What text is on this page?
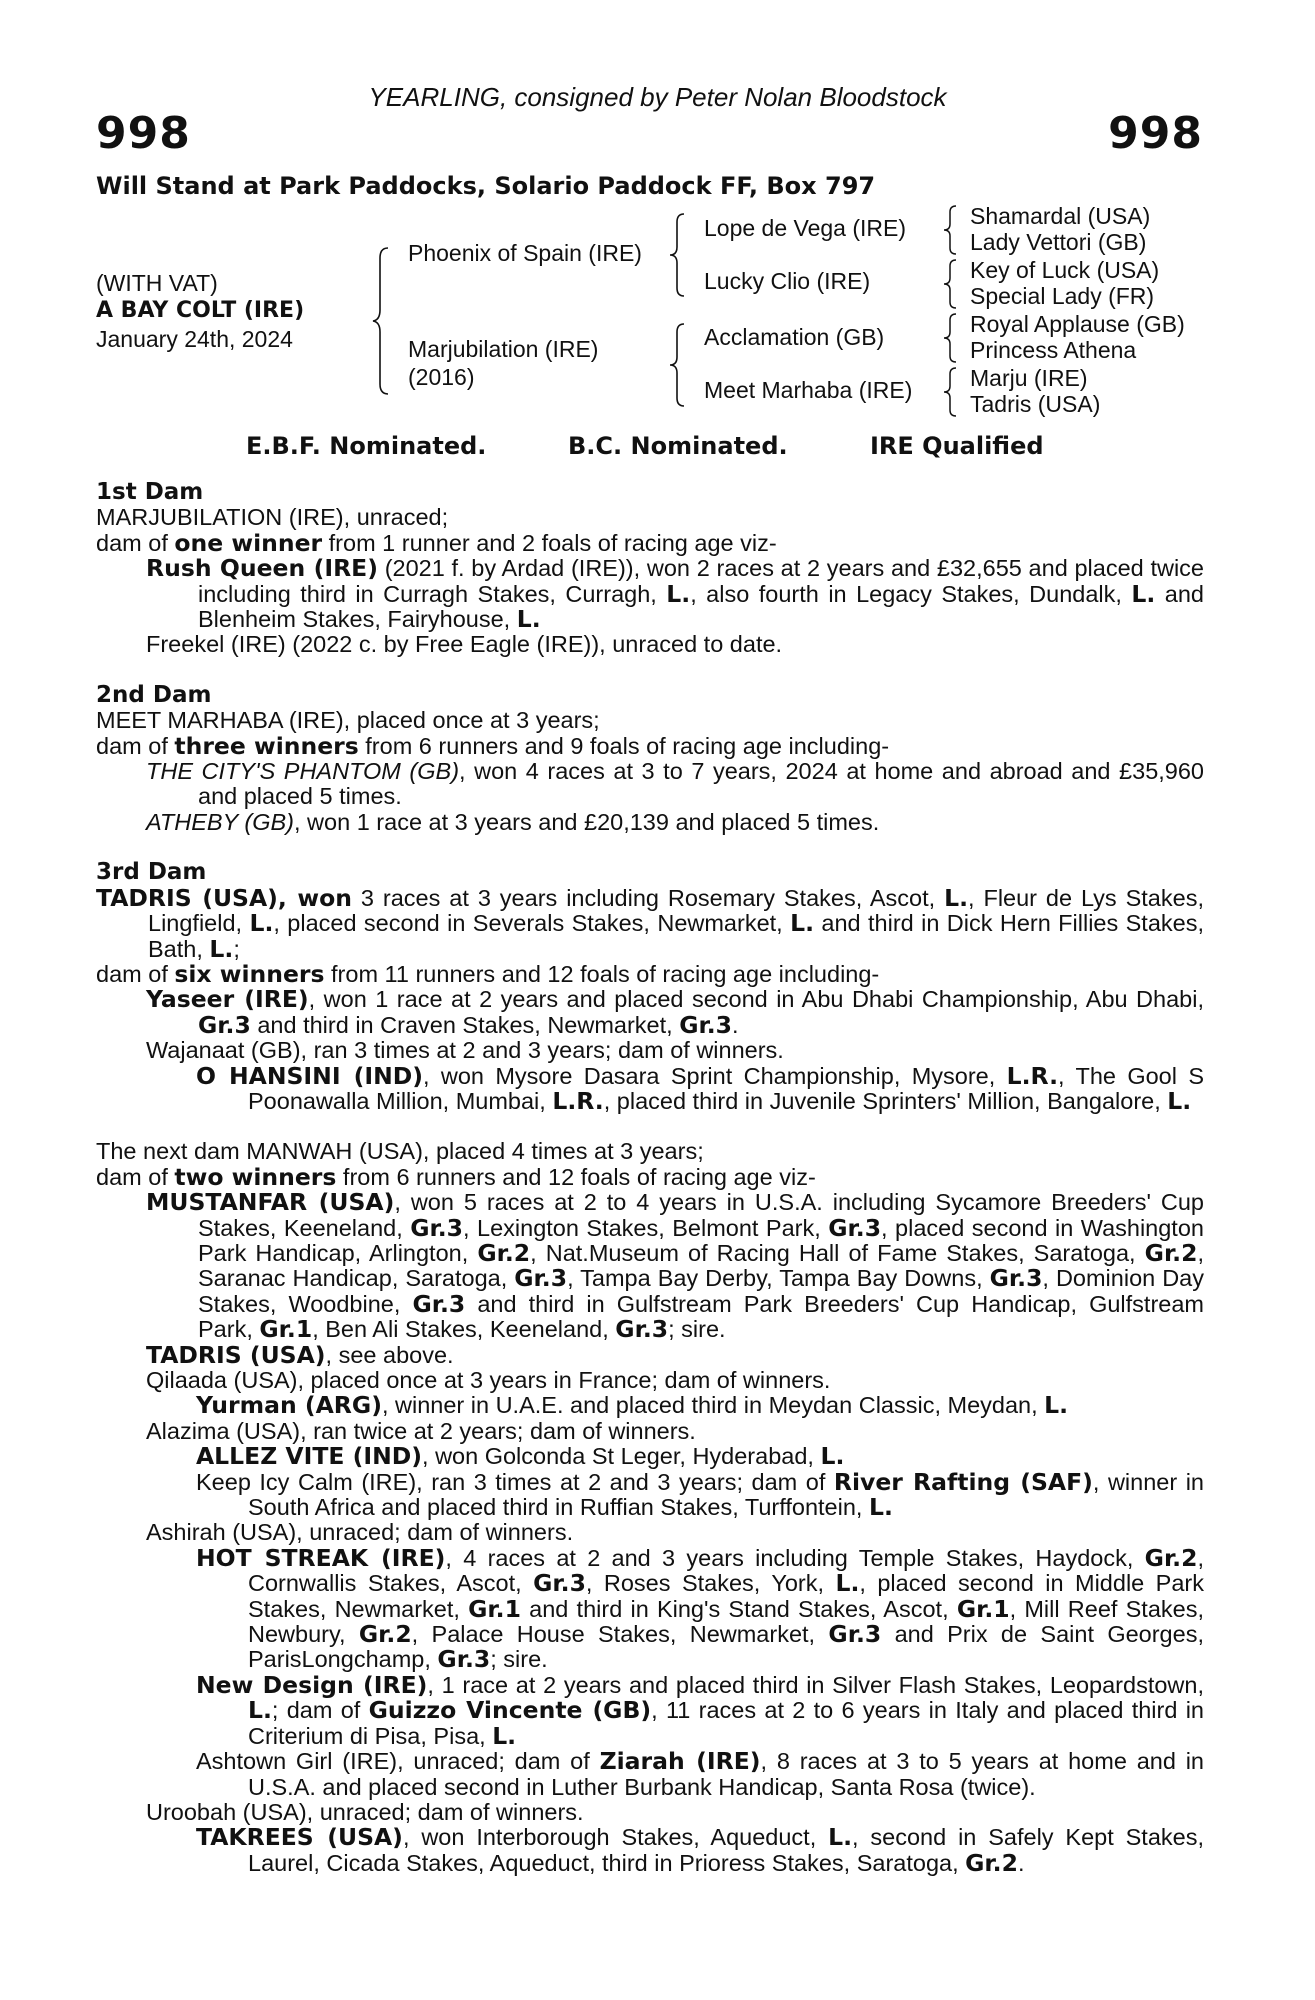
YEARLING, consigned by Peter Nolan Bloodstock
998	998
Will Stand at Park Paddocks, Solario Paddock FF, Box 797
(WITH VAT)
A BAY COLT (IRE)
January 24th, 2024
Phoenix of Spain (IRE)
Marjubilation (IRE)
(2016)
Lope de Vega (IRE)
Lucky Clio (IRE)
Acclamation (GB)
Meet Marhaba (IRE)
Shamardal (USA)
Lady Vettori (GB)
Key of Luck (USA)
Special Lady (FR)
Royal Applause (GB)
Princess Athena
Marju (IRE)
Tadris (USA)
E.B.F. Nominated.	B.C. Nominated.	IRE Qualified

1st Dam

MARJUBILATION (IRE), unraced;

dam of one winner from 1 runner and 2 foals of racing age viz-

Rush Queen (IRE) (2021 f. by Ardad (IRE)), won 2 races at 2 years and £32,655 and placed twice including third in Curragh Stakes, Curragh, L., also fourth in Legacy Stakes, Dundalk, L. and Blenheim Stakes, Fairyhouse, L.

Freekel (IRE) (2022 c. by Free Eagle (IRE)), unraced to date.

2nd Dam

MEET MARHABA (IRE), placed once at 3 years;

dam of three winners from 6 runners and 9 foals of racing age including-

THE CITY'S PHANTOM (GB), won 4 races at 3 to 7 years, 2024 at home and abroad and £35,960 and placed 5 times.

ATHEBY (GB), won 1 race at 3 years and £20,139 and placed 5 times.

3rd Dam

TADRIS (USA), won 3 races at 3 years including Rosemary Stakes, Ascot, L., Fleur de Lys Stakes, Lingfield, L., placed second in Severals Stakes, Newmarket, L. and third in Dick Hern Fillies Stakes, Bath, L.;

dam of six winners from 11 runners and 12 foals of racing age including-

Yaseer (IRE), won 1 race at 2 years and placed second in Abu Dhabi Championship, Abu Dhabi, Gr.3 and third in Craven Stakes, Newmarket, Gr.3.

Wajanaat (GB), ran 3 times at 2 and 3 years; dam of winners.

O HANSINI (IND), won Mysore Dasara Sprint Championship, Mysore, L.R., The Gool S Poonawalla Million, Mumbai, L.R., placed third in Juvenile Sprinters' Million, Bangalore, L.

The next dam MANWAH (USA), placed 4 times at 3 years;

dam of two winners from 6 runners and 12 foals of racing age viz-

MUSTANFAR (USA), won 5 races at 2 to 4 years in U.S.A. including Sycamore Breeders' Cup Stakes, Keeneland, Gr.3, Lexington Stakes, Belmont Park, Gr.3, placed second in Washington Park Handicap, Arlington, Gr.2, Nat.Museum of Racing Hall of Fame Stakes, Saratoga, Gr.2, Saranac Handicap, Saratoga, Gr.3, Tampa Bay Derby, Tampa Bay Downs, Gr.3, Dominion Day Stakes, Woodbine, Gr.3 and third in Gulfstream Park Breeders' Cup Handicap, Gulfstream Park, Gr.1, Ben Ali Stakes, Keeneland, Gr.3; sire.

TADRIS (USA), see above.

Qilaada (USA), placed once at 3 years in France; dam of winners.

Yurman (ARG), winner in U.A.E. and placed third in Meydan Classic, Meydan, L.

Alazima (USA), ran twice at 2 years; dam of winners.

ALLEZ VITE (IND), won Golconda St Leger, Hyderabad, L.

Keep Icy Calm (IRE), ran 3 times at 2 and 3 years; dam of River Rafting (SAF), winner in South Africa and placed third in Ruffian Stakes, Turffontein, L.

Ashirah (USA), unraced; dam of winners.

HOT STREAK (IRE), 4 races at 2 and 3 years including Temple Stakes, Haydock, Gr.2, Cornwallis Stakes, Ascot, Gr.3, Roses Stakes, York, L., placed second in Middle Park Stakes, Newmarket, Gr.1 and third in King's Stand Stakes, Ascot, Gr.1, Mill Reef Stakes, Newbury, Gr.2, Palace House Stakes, Newmarket, Gr.3 and Prix de Saint Georges, ParisLongchamp, Gr.3; sire.

New Design (IRE), 1 race at 2 years and placed third in Silver Flash Stakes, Leopardstown, L.; dam of Guizzo Vincente (GB), 11 races at 2 to 6 years in Italy and placed third in Criterium di Pisa, Pisa, L.

Ashtown Girl (IRE), unraced; dam of Ziarah (IRE), 8 races at 3 to 5 years at home and in U.S.A. and placed second in Luther Burbank Handicap, Santa Rosa (twice).

Uroobah (USA), unraced; dam of winners.

TAKREES (USA), won Interborough Stakes, Aqueduct, L., second in Safely Kept Stakes, Laurel, Cicada Stakes, Aqueduct, third in Prioress Stakes, Saratoga, Gr.2.
